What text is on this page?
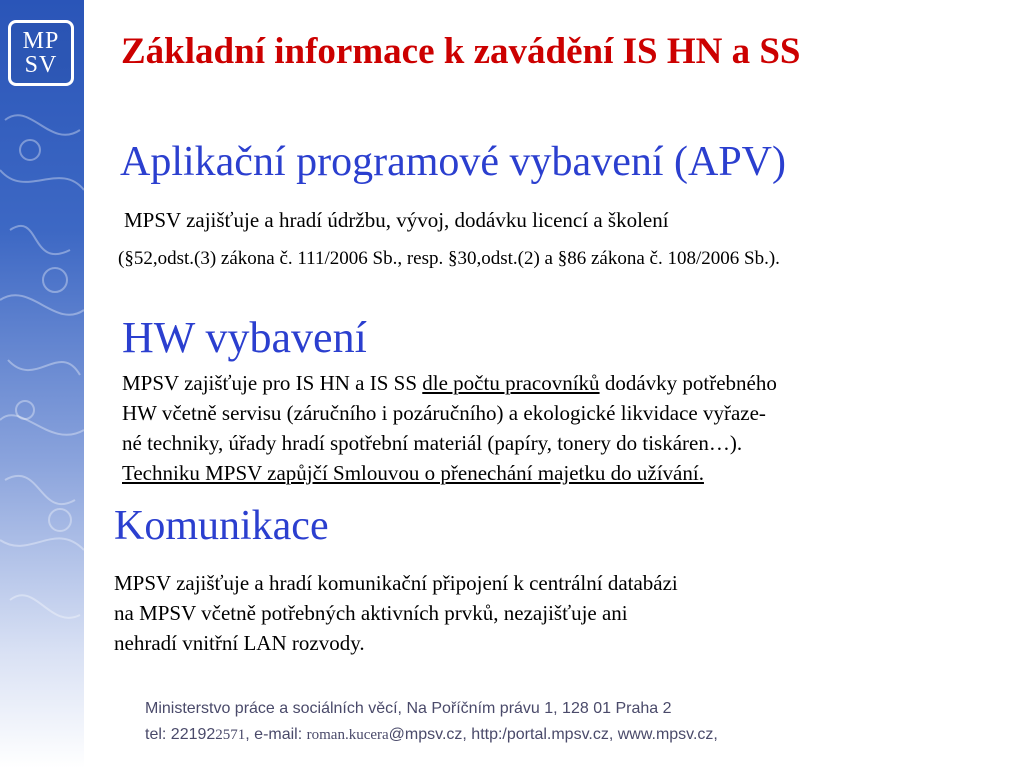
MP
SV Základní informace k zavádění IS HN a SS
Aplikační programové vybavení (APV)

MPSV zajišťuje a hradí údržbu, vývoj, dodávku licencí a školení

(§52,odst.(3) zákona č. 111/2006 Sb., resp. §30,odst.(2) a §86 zákona č. 108/2006 Sb.).

HW vybavení
MPSV zajišťuje pro IS HN a IS SS dle počtu pracovníků dodávky potřebného
HW včetně servisu (záručního i pozáručního) a ekologické likvidace vyřaze-
né techniky, úřady hradí spotřební materiál (papíry, tonery do tiskáren…).
Techniku MPSV zapůjčí Smlouvou o přenechání majetku do užívání.
Komunikace
MPSV zajišťuje a hradí komunikační připojení k centrální databázi
na MPSV včetně potřebných aktivních prvků, nezajišťuje ani
nehradí vnitřní LAN rozvody.
Ministerstvo práce a sociálních věcí, Na Poříčním právu 1, 128 01 Praha 2
tel: 221922571, e-mail: roman.kucera@mpsv.cz, http:/portal.mpsv.cz, www.mpsv.cz,
